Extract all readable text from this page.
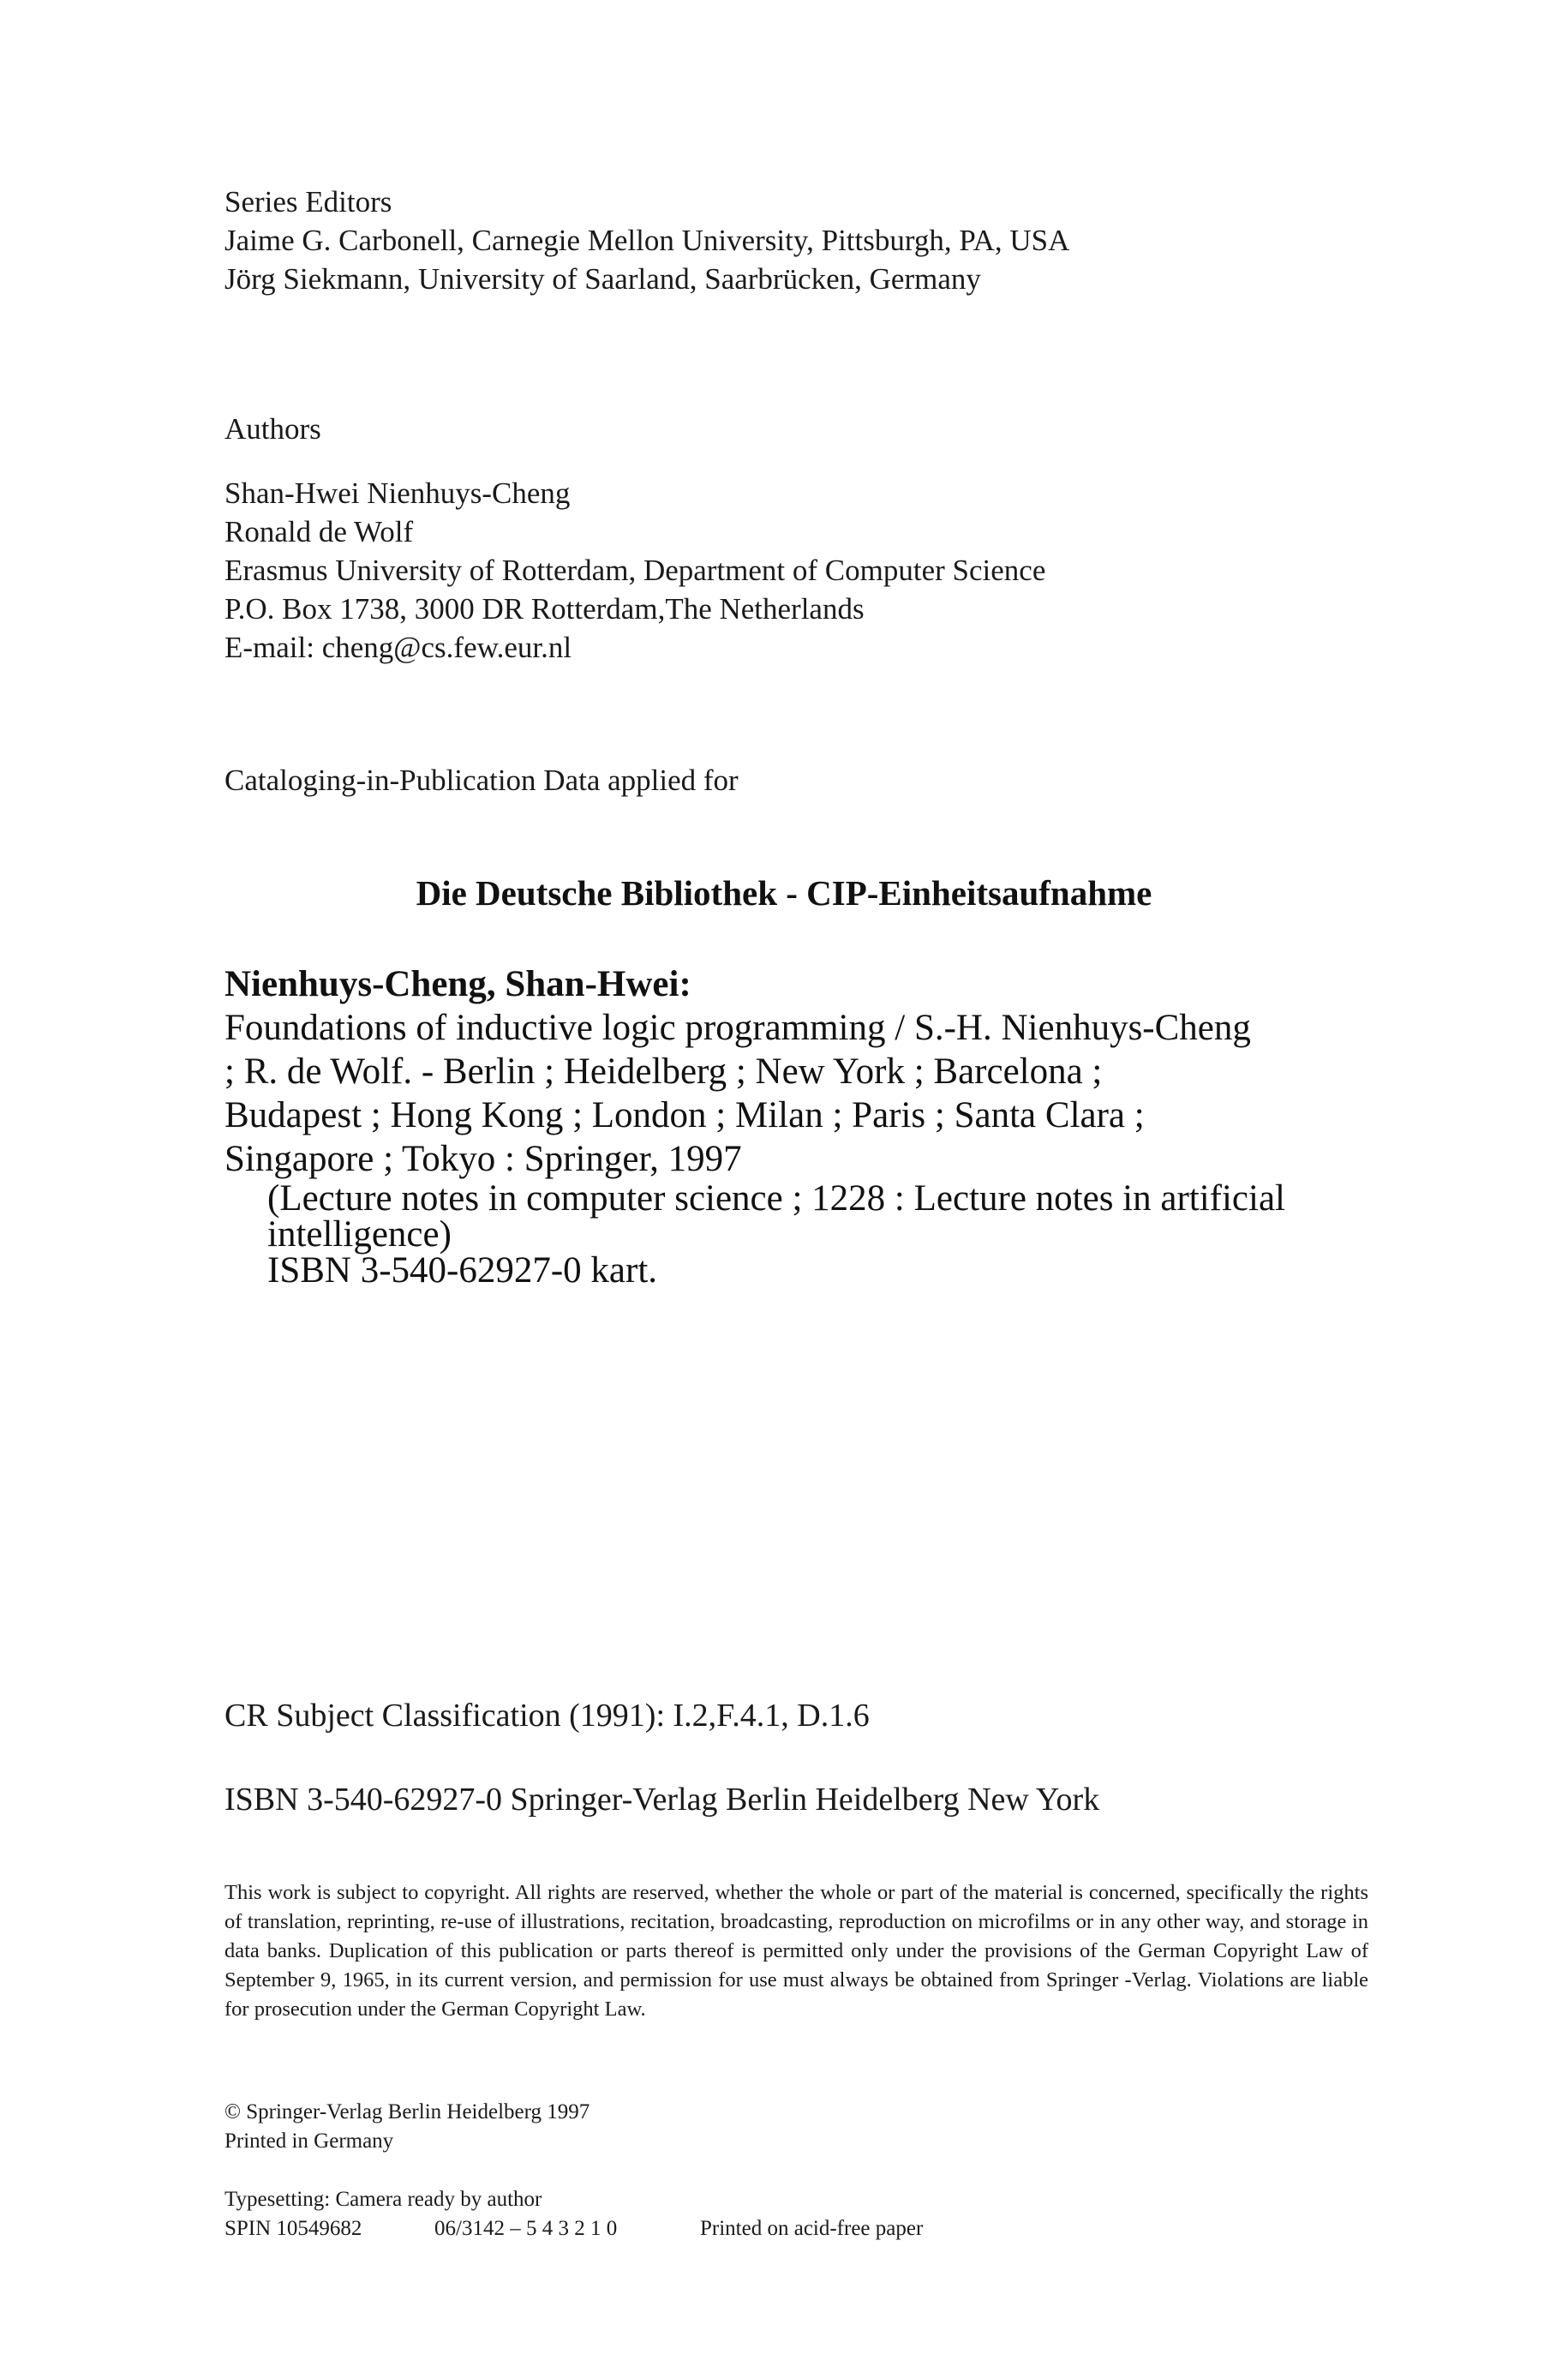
Series Editors
Jaime G. Carbonell, Carnegie Mellon University, Pittsburgh, PA, USA
Jörg Siekmann, University of Saarland, Saarbrücken, Germany
Authors
Shan-Hwei Nienhuys-Cheng
Ronald de Wolf
Erasmus University of Rotterdam, Department of Computer Science
P.O. Box 1738, 3000 DR Rotterdam,The Netherlands
E-mail: cheng@cs.few.eur.nl
Cataloging-in-Publication Data applied for
Die Deutsche Bibliothek - CIP-Einheitsaufnahme
Nienhuys-Cheng, Shan-Hwei:
Foundations of inductive logic programming / S.-H. Nienhuys-Cheng
; R. de Wolf. - Berlin ; Heidelberg ; New York ; Barcelona ;
Budapest ; Hong Kong ; London ; Milan ; Paris ; Santa Clara ;
Singapore ; Tokyo : Springer, 1997
(Lecture notes in computer science ; 1228 : Lecture notes in artificial
intelligence)
ISBN 3-540-62927-0 kart.
CR Subject Classification (1991): I.2,F.4.1, D.1.6
ISBN 3-540-62927-0 Springer-Verlag Berlin Heidelberg New York
This work is subject to copyright. All rights are reserved, whether the whole or part of the material is concerned, specifically the rights of translation, reprinting, re-use of illustrations, recitation, broadcasting, reproduction on microfilms or in any other way, and storage in data banks. Duplication of this publication or parts thereof is permitted only under the provisions of the German Copyright Law of September 9, 1965, in its current version, and permission for use must always be obtained from Springer -Verlag. Violations are liable for prosecution under the German Copyright Law.
© Springer-Verlag Berlin Heidelberg 1997
Printed in Germany
Typesetting: Camera ready by author
SPIN 10549682	06/3142 – 5 4 3 2 1 0	Printed on acid-free paper
